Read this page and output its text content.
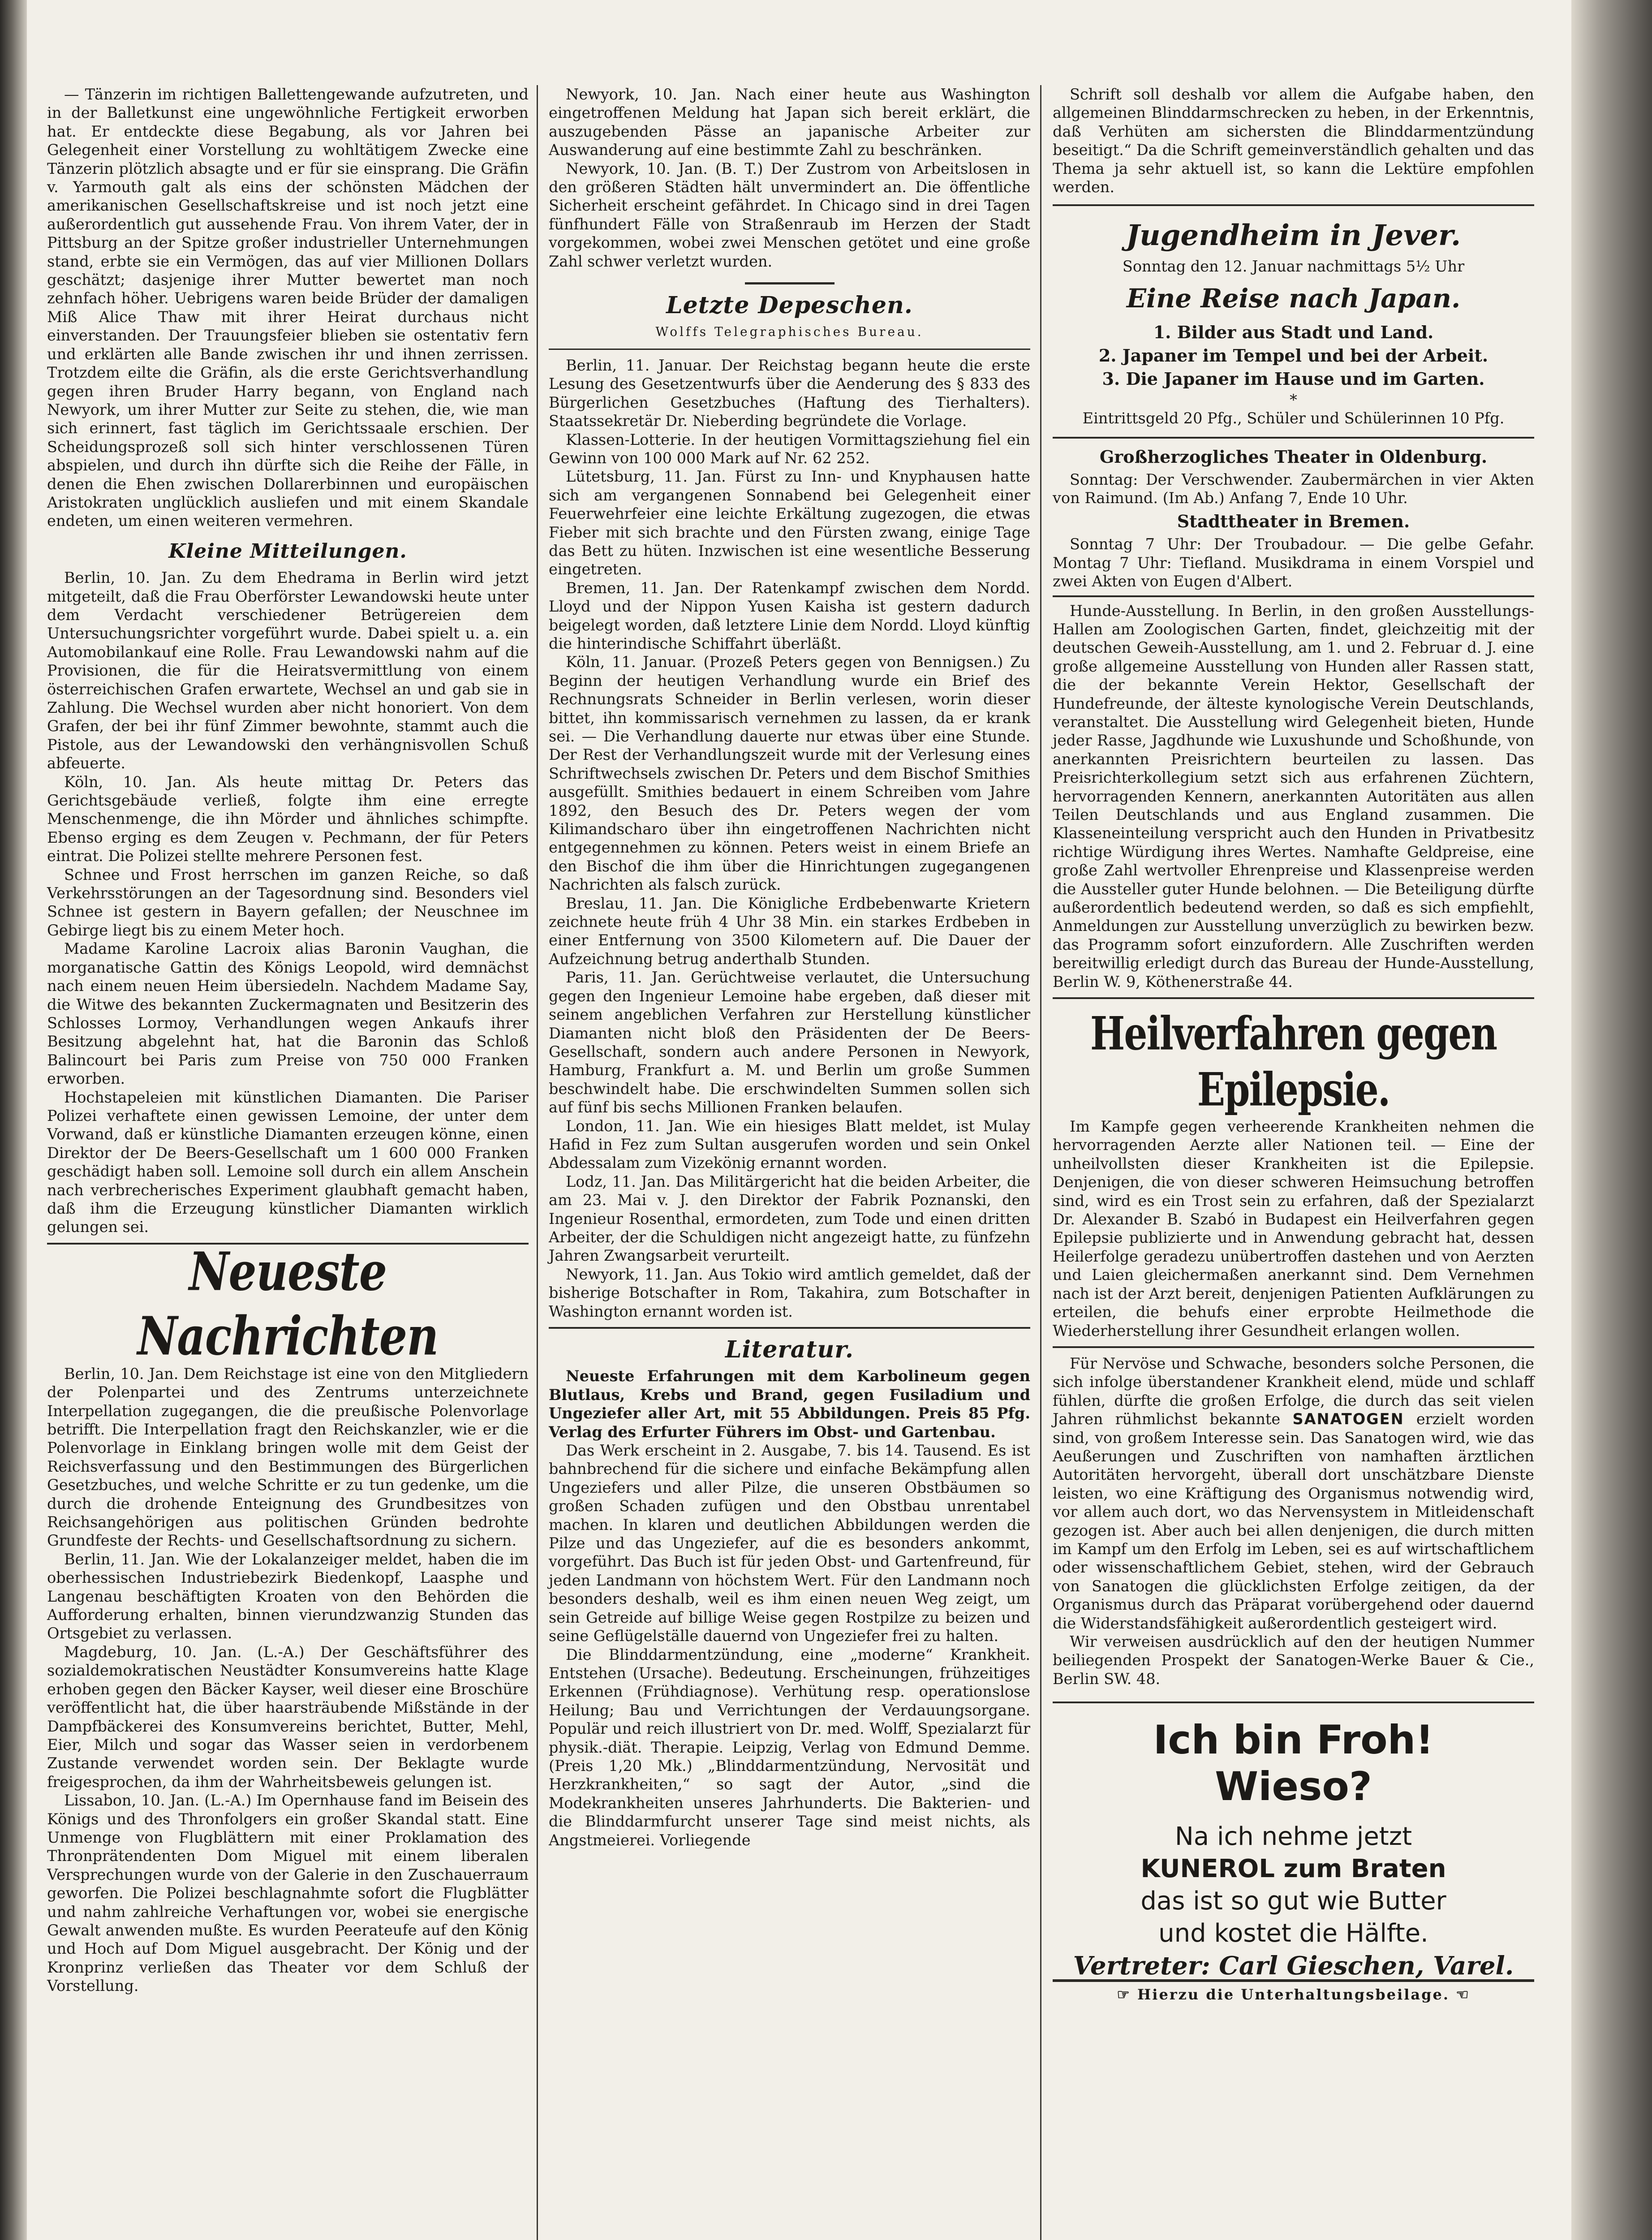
— Tänzerin im richtigen Ballettengewande aufzutreten, und in der Balletkunst eine ungewöhnliche Fertigkeit erworben hat. Er entdeckte diese Begabung, als vor Jahren bei Gelegenheit einer Vorstellung zu wohltätigem Zwecke eine Tänzerin plötzlich absagte und er für sie einsprang. Die Gräfin v. Yarmouth galt als eins der schönsten Mädchen der amerikanischen Gesellschaftskreise und ist noch jetzt eine außerordentlich gut aussehende Frau. Von ihrem Vater, der in Pittsburg an der Spitze großer industrieller Unternehmungen stand, erbte sie ein Vermögen, das auf vier Millionen Dollars geschätzt; dasjenige ihrer Mutter bewertet man noch zehnfach höher. Uebrigens waren beide Brüder der damaligen Miß Alice Thaw mit ihrer Heirat durchaus nicht einverstanden. Der Trauungsfeier blieben sie ostentativ fern und erklärten alle Bande zwischen ihr und ihnen zerrissen. Trotzdem eilte die Gräfin, als die erste Gerichtsverhandlung gegen ihren Bruder Harry begann, von England nach Newyork, um ihrer Mutter zur Seite zu stehen, die, wie man sich erinnert, fast täglich im Gerichtssaale erschien. Der Scheidungsprozeß soll sich hinter verschlossenen Türen abspielen, und durch ihn dürfte sich die Reihe der Fälle, in denen die Ehen zwischen Dollarerbinnen und europäischen Aristokraten unglücklich ausliefen und mit einem Skandale endeten, um einen weiteren vermehren.

Kleine Mitteilungen.

Berlin, 10. Jan. Zu dem Ehedrama in Berlin wird jetzt mitgeteilt, daß die Frau Oberförster Lewandowski heute unter dem Verdacht verschiedener Betrügereien dem Untersuchungsrichter vorgeführt wurde. Dabei spielt u. a. ein Automobilankauf eine Rolle. Frau Lewandowski nahm auf die Provisionen, die für die Heiratsvermittlung von einem österreichischen Grafen erwartete, Wechsel an und gab sie in Zahlung. Die Wechsel wurden aber nicht honoriert. Von dem Grafen, der bei ihr fünf Zimmer bewohnte, stammt auch die Pistole, aus der Lewandowski den verhängnisvollen Schuß abfeuerte.

Köln, 10. Jan. Als heute mittag Dr. Peters das Gerichtsgebäude verließ, folgte ihm eine erregte Menschenmenge, die ihn Mörder und ähnliches schimpfte. Ebenso erging es dem Zeugen v. Pechmann, der für Peters eintrat. Die Polizei stellte mehrere Personen fest.

Schnee und Frost herrschen im ganzen Reiche, so daß Verkehrsstörungen an der Tagesordnung sind. Besonders viel Schnee ist gestern in Bayern gefallen; der Neuschnee im Gebirge liegt bis zu einem Meter hoch.

Madame Karoline Lacroix alias Baronin Vaughan, die morganatische Gattin des Königs Leopold, wird demnächst nach einem neuen Heim übersiedeln. Nachdem Madame Say, die Witwe des bekannten Zuckermagnaten und Besitzerin des Schlosses Lormoy, Verhandlungen wegen Ankaufs ihrer Besitzung abgelehnt hat, hat die Baronin das Schloß Balincourt bei Paris zum Preise von 750 000 Franken erworben.

Hochstapeleien mit künstlichen Diamanten. Die Pariser Polizei verhaftete einen gewissen Lemoine, der unter dem Vorwand, daß er künstliche Diamanten erzeugen könne, einen Direktor der De Beers-Gesellschaft um 1 600 000 Franken geschädigt haben soll. Lemoine soll durch ein allem Anschein nach verbrecherisches Experiment glaubhaft gemacht haben, daß ihm die Erzeugung künstlicher Diamanten wirklich gelungen sei.

Neueste Nachrichten

Berlin, 10. Jan. Dem Reichstage ist eine von den Mitgliedern der Polenpartei und des Zentrums unterzeichnete Interpellation zugegangen, die die preußische Polenvorlage betrifft. Die Interpellation fragt den Reichskanzler, wie er die Polenvorlage in Einklang bringen wolle mit dem Geist der Reichsverfassung und den Bestimmungen des Bürgerlichen Gesetzbuches, und welche Schritte er zu tun gedenke, um die durch die drohende Enteignung des Grundbesitzes von Reichsangehörigen aus politischen Gründen bedrohte Grundfeste der Rechts- und Gesellschaftsordnung zu sichern.

Berlin, 11. Jan. Wie der Lokalanzeiger meldet, haben die im oberhessischen Industriebezirk Biedenkopf, Laasphe und Langenau beschäftigten Kroaten von den Behörden die Aufforderung erhalten, binnen vierundzwanzig Stunden das Ortsgebiet zu verlassen.

Magdeburg, 10. Jan. (L.-A.) Der Geschäftsführer des sozialdemokratischen Neustädter Konsumvereins hatte Klage erhoben gegen den Bäcker Kayser, weil dieser eine Broschüre veröffentlicht hat, die über haarsträubende Mißstände in der Dampfbäckerei des Konsumvereins berichtet, Butter, Mehl, Eier, Milch und sogar das Wasser seien in verdorbenem Zustande verwendet worden sein. Der Beklagte wurde freigesprochen, da ihm der Wahrheitsbeweis gelungen ist.

Lissabon, 10. Jan. (L.-A.) Im Opernhause fand im Beisein des Königs und des Thronfolgers ein großer Skandal statt. Eine Unmenge von Flugblättern mit einer Proklamation des Thronprätendenten Dom Miguel mit einem liberalen Versprechungen wurde von der Galerie in den Zuschauerraum geworfen. Die Polizei beschlagnahmte sofort die Flugblätter und nahm zahlreiche Verhaftungen vor, wobei sie energische Gewalt anwenden mußte. Es wurden Peerateufe auf den König und Hoch auf Dom Miguel ausgebracht. Der König und der Kronprinz verließen das Theater vor dem Schluß der Vorstellung.

Newyork, 10. Jan. Nach einer heute aus Washington eingetroffenen Meldung hat Japan sich bereit erklärt, die auszugebenden Pässe an japanische Arbeiter zur Auswanderung auf eine bestimmte Zahl zu beschränken.

Newyork, 10. Jan. (B. T.) Der Zustrom von Arbeitslosen in den größeren Städten hält unvermindert an. Die öffentliche Sicherheit erscheint gefährdet. In Chicago sind in drei Tagen fünfhundert Fälle von Straßenraub im Herzen der Stadt vorgekommen, wobei zwei Menschen getötet und eine große Zahl schwer verletzt wurden.

Letzte Depeschen.
Wolffs Telegraphisches Bureau.

Berlin, 11. Januar. Der Reichstag begann heute die erste Lesung des Gesetzentwurfs über die Aenderung des § 833 des Bürgerlichen Gesetzbuches (Haftung des Tierhalters). Staatssekretär Dr. Nieberding begründete die Vorlage.

Klassen-Lotterie. In der heutigen Vormittagsziehung fiel ein Gewinn von 100 000 Mark auf Nr. 62 252.

Lütetsburg, 11. Jan. Fürst zu Inn- und Knyphausen hatte sich am vergangenen Sonnabend bei Gelegenheit einer Feuerwehrfeier eine leichte Erkältung zugezogen, die etwas Fieber mit sich brachte und den Fürsten zwang, einige Tage das Bett zu hüten. Inzwischen ist eine wesentliche Besserung eingetreten.

Bremen, 11. Jan. Der Ratenkampf zwischen dem Nordd. Lloyd und der Nippon Yusen Kaisha ist gestern dadurch beigelegt worden, daß letztere Linie dem Nordd. Lloyd künftig die hinterindische Schiffahrt überläßt.

Köln, 11. Januar. (Prozeß Peters gegen von Bennigsen.) Zu Beginn der heutigen Verhandlung wurde ein Brief des Rechnungsrats Schneider in Berlin verlesen, worin dieser bittet, ihn kommissarisch vernehmen zu lassen, da er krank sei. — Die Verhandlung dauerte nur etwas über eine Stunde. Der Rest der Verhandlungszeit wurde mit der Verlesung eines Schriftwechsels zwischen Dr. Peters und dem Bischof Smithies ausgefüllt. Smithies bedauert in einem Schreiben vom Jahre 1892, den Besuch des Dr. Peters wegen der vom Kilimandscharo über ihn eingetroffenen Nachrichten nicht entgegennehmen zu können. Peters weist in einem Briefe an den Bischof die ihm über die Hinrichtungen zugegangenen Nachrichten als falsch zurück.

Breslau, 11. Jan. Die Königliche Erdbebenwarte Krietern zeichnete heute früh 4 Uhr 38 Min. ein starkes Erdbeben in einer Entfernung von 3500 Kilometern auf. Die Dauer der Aufzeichnung betrug anderthalb Stunden.

Paris, 11. Jan. Gerüchtweise verlautet, die Untersuchung gegen den Ingenieur Lemoine habe ergeben, daß dieser mit seinem angeblichen Verfahren zur Herstellung künstlicher Diamanten nicht bloß den Präsidenten der De Beers-Gesellschaft, sondern auch andere Personen in Newyork, Hamburg, Frankfurt a. M. und Berlin um große Summen beschwindelt habe. Die erschwindelten Summen sollen sich auf fünf bis sechs Millionen Franken belaufen.

London, 11. Jan. Wie ein hiesiges Blatt meldet, ist Mulay Hafid in Fez zum Sultan ausgerufen worden und sein Onkel Abdessalam zum Vizekönig ernannt worden.

Lodz, 11. Jan. Das Militärgericht hat die beiden Arbeiter, die am 23. Mai v. J. den Direktor der Fabrik Poznanski, den Ingenieur Rosenthal, ermordeten, zum Tode und einen dritten Arbeiter, der die Schuldigen nicht angezeigt hatte, zu fünfzehn Jahren Zwangsarbeit verurteilt.

Newyork, 11. Jan. Aus Tokio wird amtlich gemeldet, daß der bisherige Botschafter in Rom, Takahira, zum Botschafter in Washington ernannt worden ist.

Literatur.

Neueste Erfahrungen mit dem Karbolineum gegen Blutlaus, Krebs und Brand, gegen Fusiladium und Ungeziefer aller Art, mit 55 Abbildungen. Preis 85 Pfg. Verlag des Erfurter Führers im Obst- und Gartenbau.

Das Werk erscheint in 2. Ausgabe, 7. bis 14. Tausend. Es ist bahnbrechend für die sichere und einfache Bekämpfung allen Ungeziefers und aller Pilze, die unseren Obstbäumen so großen Schaden zufügen und den Obstbau unrentabel machen. In klaren und deutlichen Abbildungen werden die Pilze und das Ungeziefer, auf die es besonders ankommt, vorgeführt. Das Buch ist für jeden Obst- und Gartenfreund, für jeden Landmann von höchstem Wert. Für den Landmann noch besonders deshalb, weil es ihm einen neuen Weg zeigt, um sein Getreide auf billige Weise gegen Rostpilze zu beizen und seine Geflügelställe dauernd von Ungeziefer frei zu halten.

Die Blinddarmentzündung, eine „moderne“ Krankheit. Entstehen (Ursache). Bedeutung. Erscheinungen, frühzeitiges Erkennen (Frühdiagnose). Verhütung resp. operationslose Heilung; Bau und Verrichtungen der Verdauungsorgane. Populär und reich illustriert von Dr. med. Wolff, Spezialarzt für physik.-diät. Therapie. Leipzig, Verlag von Edmund Demme. (Preis 1,20 Mk.) „Blinddarmentzündung, Nervosität und Herzkrankheiten,“ so sagt der Autor, „sind die Modekrankheiten unseres Jahrhunderts. Die Bakterien- und die Blinddarmfurcht unserer Tage sind meist nichts, als Angstmeierei. Vorliegende

Schrift soll deshalb vor allem die Aufgabe haben, den allgemeinen Blinddarmschrecken zu heben, in der Erkenntnis, daß Verhüten am sichersten die Blinddarmentzündung beseitigt.“ Da die Schrift gemeinverständlich gehalten und das Thema ja sehr aktuell ist, so kann die Lektüre empfohlen werden.

Jugendheim in Jever.
Sonntag den 12. Januar nachmittags 5½ Uhr
Eine Reise nach Japan.
1. Bilder aus Stadt und Land.
2. Japaner im Tempel und bei der Arbeit.
3. Die Japaner im Hause und im Garten.
*
Eintrittsgeld 20 Pfg., Schüler und Schülerinnen 10 Pfg.
Großherzogliches Theater in Oldenburg.

Sonntag: Der Verschwender. Zaubermärchen in vier Akten von Raimund. (Im Ab.) Anfang 7, Ende 10 Uhr.

Stadttheater in Bremen.

Sonntag 7 Uhr: Der Troubadour. — Die gelbe Gefahr. Montag 7 Uhr: Tiefland. Musikdrama in einem Vorspiel und zwei Akten von Eugen d'Albert.

Hunde-Ausstellung. In Berlin, in den großen Ausstellungs-Hallen am Zoologischen Garten, findet, gleichzeitig mit der deutschen Geweih-Ausstellung, am 1. und 2. Februar d. J. eine große allgemeine Ausstellung von Hunden aller Rassen statt, die der bekannte Verein Hektor, Gesellschaft der Hundefreunde, der älteste kynologische Verein Deutschlands, veranstaltet. Die Ausstellung wird Gelegenheit bieten, Hunde jeder Rasse, Jagdhunde wie Luxushunde und Schoßhunde, von anerkannten Preisrichtern beurteilen zu lassen. Das Preisrichterkollegium setzt sich aus erfahrenen Züchtern, hervorragenden Kennern, anerkannten Autoritäten aus allen Teilen Deutschlands und aus England zusammen. Die Klasseneinteilung verspricht auch den Hunden in Privatbesitz richtige Würdigung ihres Wertes. Namhafte Geldpreise, eine große Zahl wertvoller Ehrenpreise und Klassenpreise werden die Aussteller guter Hunde belohnen. — Die Beteiligung dürfte außerordentlich bedeutend werden, so daß es sich empfiehlt, Anmeldungen zur Ausstellung unverzüglich zu bewirken bezw. das Programm sofort einzufordern. Alle Zuschriften werden bereitwillig erledigt durch das Bureau der Hunde-Ausstellung, Berlin W. 9, Köthenerstraße 44.

Heilverfahren gegen Epilepsie.

Im Kampfe gegen verheerende Krankheiten nehmen die hervorragenden Aerzte aller Nationen teil. — Eine der unheilvollsten dieser Krankheiten ist die Epilepsie. Denjenigen, die von dieser schweren Heimsuchung betroffen sind, wird es ein Trost sein zu erfahren, daß der Spezialarzt Dr. Alexander B. Szabó in Budapest ein Heilverfahren gegen Epilepsie publizierte und in Anwendung gebracht hat, dessen Heilerfolge geradezu unübertroffen dastehen und von Aerzten und Laien gleichermaßen anerkannt sind. Dem Vernehmen nach ist der Arzt bereit, denjenigen Patienten Aufklärungen zu erteilen, die behufs einer erprobte Heilmethode die Wiederherstellung ihrer Gesundheit erlangen wollen.

Für Nervöse und Schwache, besonders solche Personen, die sich infolge überstandener Krankheit elend, müde und schlaff fühlen, dürfte die großen Erfolge, die durch das seit vielen Jahren rühmlichst bekannte SANATOGEN erzielt worden sind, von großem Interesse sein. Das Sanatogen wird, wie das Aeußerungen und Zuschriften von namhaften ärztlichen Autoritäten hervorgeht, überall dort unschätzbare Dienste leisten, wo eine Kräftigung des Organismus notwendig wird, vor allem auch dort, wo das Nervensystem in Mitleidenschaft gezogen ist. Aber auch bei allen denjenigen, die durch mitten im Kampf um den Erfolg im Leben, sei es auf wirtschaftlichem oder wissenschaftlichem Gebiet, stehen, wird der Gebrauch von Sanatogen die glücklichsten Erfolge zeitigen, da der Organismus durch das Präparat vorübergehend oder dauernd die Widerstandsfähigkeit außerordentlich gesteigert wird.

Wir verweisen ausdrücklich auf den der heutigen Nummer beiliegenden Prospekt der Sanatogen-Werke Bauer & Cie., Berlin SW. 48.

Ich bin Froh!
Wieso?
Na ich nehme jetzt
KUNEROL zum Braten
das ist so gut wie Butter
und kostet die Hälfte.
Vertreter: Carl Gieschen, Varel.
☞ Hierzu die Unterhaltungsbeilage. ☜
